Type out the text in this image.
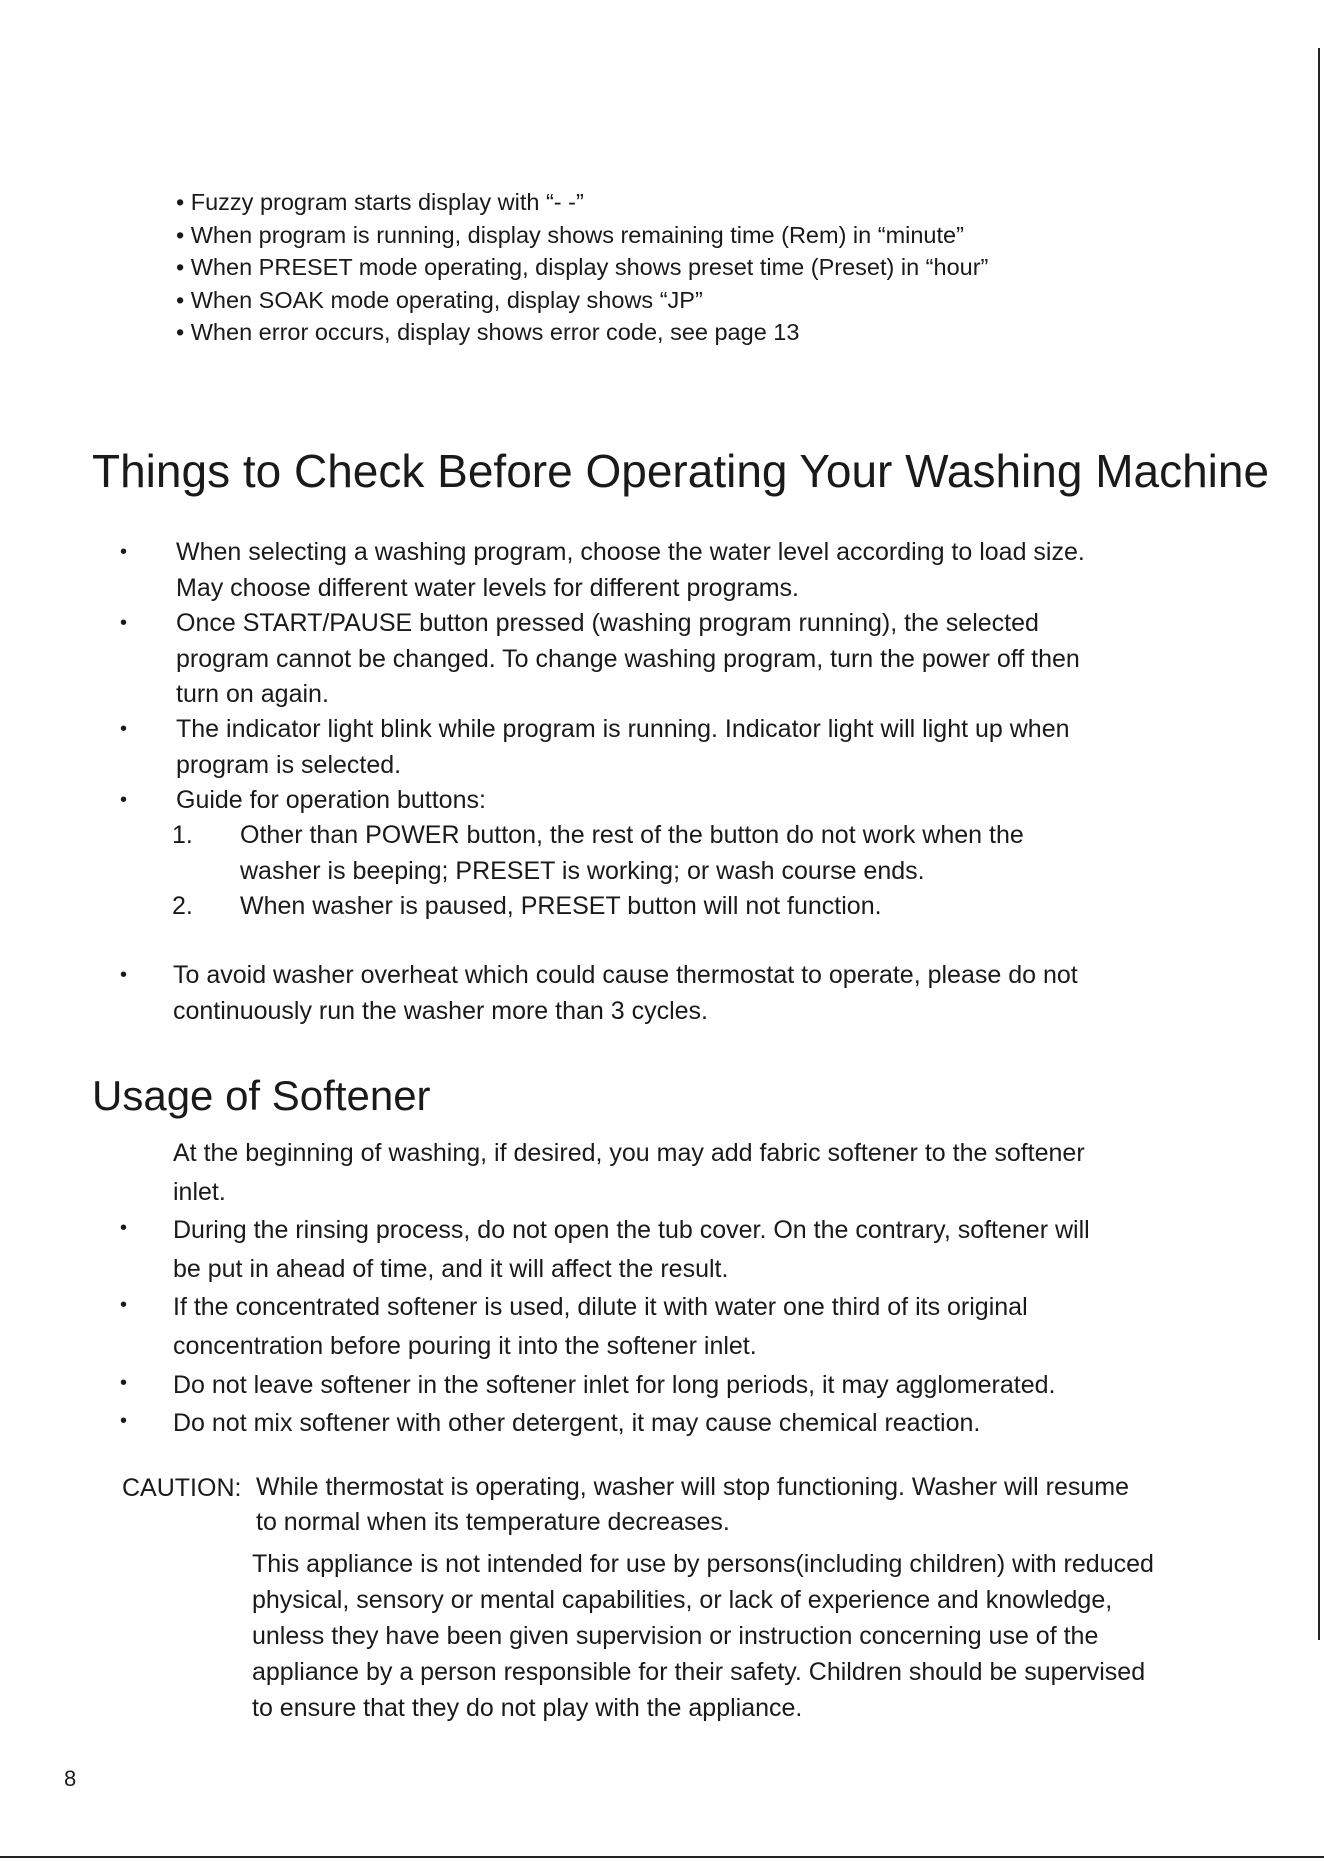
• Fuzzy program starts display with “- -”
• When program is running, display shows remaining time (Rem) in “minute”
• When PRESET mode operating, display shows preset time (Preset) in “hour”
• When SOAK mode operating, display shows “JP”
• When error occurs, display shows error code, see page 13
Things to Check Before Operating Your Washing Machine
• When selecting a washing program, choose the water level according to load size.
May choose different water levels for different programs.
• Once START/PAUSE button pressed (washing program running), the selected
program cannot be changed. To change washing program, turn the power off then
turn on again.
• The indicator light blink while program is running. Indicator light will light up when
program is selected.
• Guide for operation buttons:
1. Other than POWER button, the rest of the button do not work when the
washer is beeping; PRESET is working; or wash course ends.
2. When washer is paused, PRESET button will not function.
• To avoid washer overheat which could cause thermostat to operate, please do not
continuously run the washer more than 3 cycles.
Usage of Softener
At the beginning of washing, if desired, you may add fabric softener to the softener
inlet.
• During the rinsing process, do not open the tub cover. On the contrary, softener will
be put in ahead of time, and it will affect the result.
• If the concentrated softener is used, dilute it with water one third of its original
concentration before pouring it into the softener inlet.
• Do not leave softener in the softener inlet for long periods, it may agglomerated.
• Do not mix softener with other detergent, it may cause chemical reaction.
CAUTION: While thermostat is operating, washer will stop functioning. Washer will resume
to normal when its temperature decreases.
This appliance is not intended for use by persons(including children) with reduced
physical, sensory or mental capabilities, or lack of experience and knowledge,
unless they have been given supervision or instruction concerning use of the
appliance by a person responsible for their safety. Children should be supervised
to ensure that they do not play with the appliance.
8
